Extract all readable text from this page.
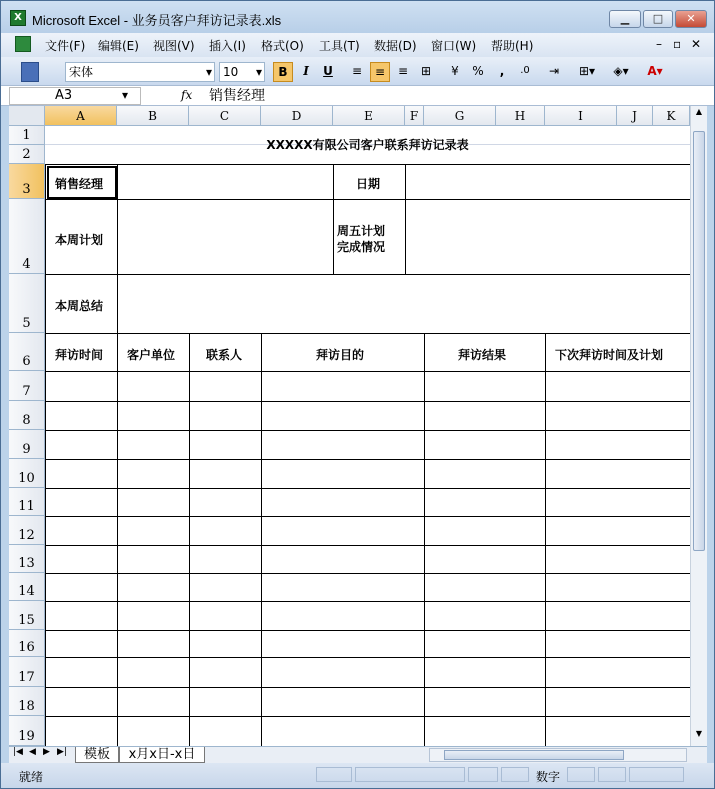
X Microsoft Excel - 业务员客户拜访记录表.xls	▁	□	✕
文件(F) 编辑(E) 视图(V) 插入(I) 格式(O) 工具(T) 数据(D) 窗口(W) 帮助(H)	– ▫ ✕
宋体	▾ 10 ▾	B	I	U	≡	≡	≡	⊞	¥	%	,	.0	⇥	⊞▾	◈▾	A▾
A3	▾	fx 销售经理
A	B	C	D	E	F	G	H	I	J	K
1
2
3
4
5
6
7
8
9
10
11
12
13
14
15
16
17
18
19
XXXXX有限公司客户联系拜访记录表
销售经理	日期
本周计划
周五计划
完成情况
本周总结
拜访时间 客户单位	联系人	拜访目的	拜访结果	下次拜访时间及计划
▲
▼
|◀ ◀ ▶ ▶|	模板	x月x日-x日
就绪	数字
